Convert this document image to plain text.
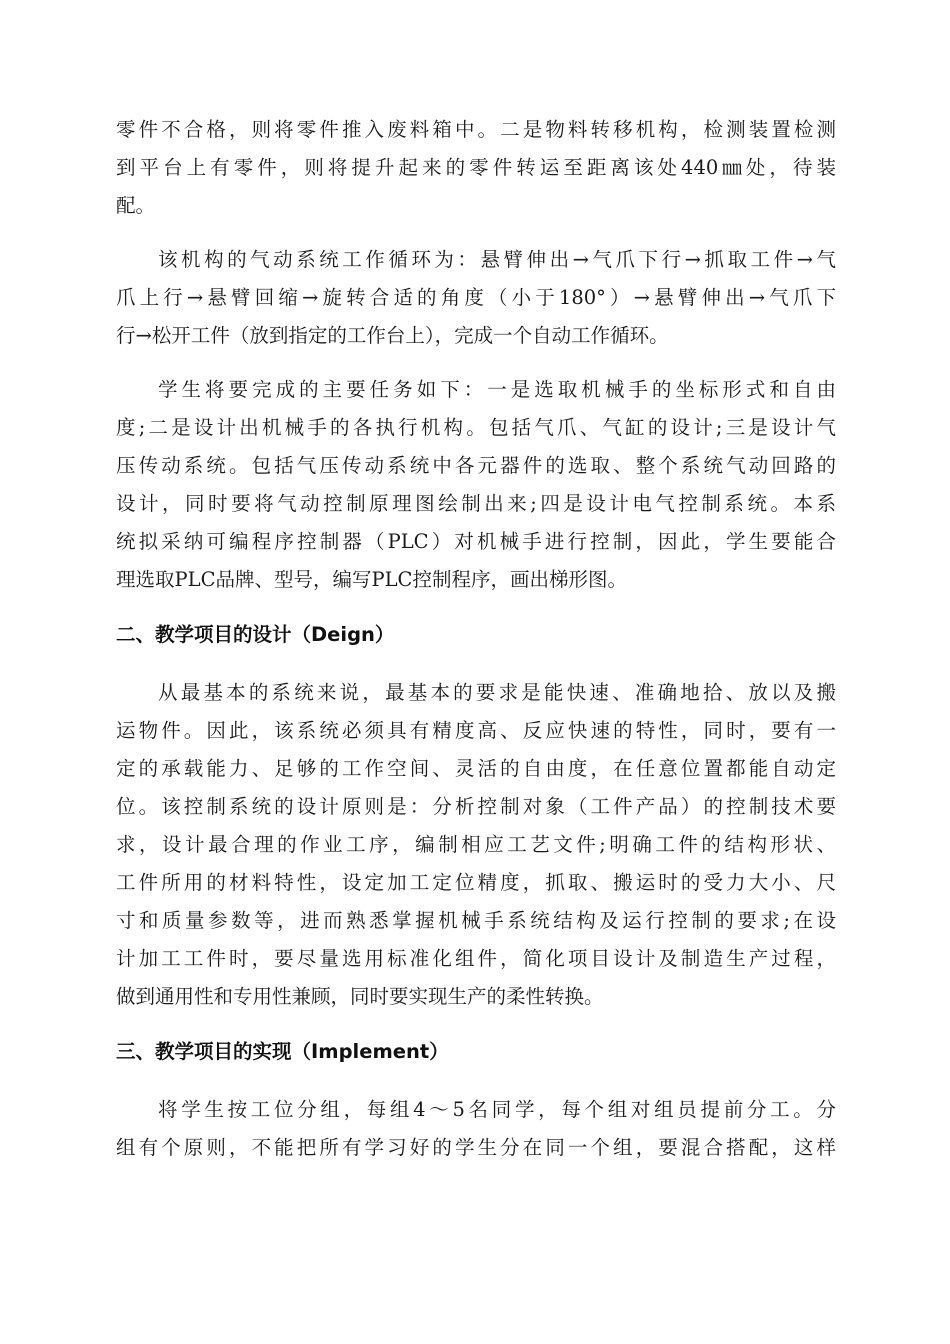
零件不合格，则将零件推入废料箱中。二是物料转移机构，检测装置检测
到平台上有零件，则将提升起来的零件转运至距离该处440㎜处，待装
配。
该机构的气动系统工作循环为：悬臂伸出→气爪下行→抓取工件→气
爪上行→悬臂回缩→旋转合适的角度（小于180°）→悬臂伸出→气爪下
行→松开工件（放到指定的工作台上），完成一个自动工作循环。
学生将要完成的主要任务如下：一是选取机械手的坐标形式和自由
度;二是设计出机械手的各执行机构。包括气爪、气缸的设计;三是设计气
压传动系统。包括气压传动系统中各元器件的选取、整个系统气动回路的
设计，同时要将气动控制原理图绘制出来;四是设计电气控制系统。本系
统拟采纳可编程序控制器（PLC）对机械手进行控制，因此，学生要能合
理选取PLC品牌、型号，编写PLC控制程序，画出梯形图。
二、教学项目的设计（Deign）
从最基本的系统来说，最基本的要求是能快速、准确地拾、放以及搬
运物件。因此，该系统必须具有精度高、反应快速的特性，同时，要有一
定的承载能力、足够的工作空间、灵活的自由度，在任意位置都能自动定
位。该控制系统的设计原则是：分析控制对象（工件产品）的控制技术要
求，设计最合理的作业工序，编制相应工艺文件;明确工件的结构形状、
工件所用的材料特性，设定加工定位精度，抓取、搬运时的受力大小、尺
寸和质量参数等，进而熟悉掌握机械手系统结构及运行控制的要求;在设
计加工工件时，要尽量选用标准化组件，简化项目设计及制造生产过程，
做到通用性和专用性兼顾，同时要实现生产的柔性转换。
三、教学项目的实现（Implement）
将学生按工位分组，每组4～5名同学，每个组对组员提前分工。分
组有个原则，不能把所有学习好的学生分在同一个组，要混合搭配，这样
